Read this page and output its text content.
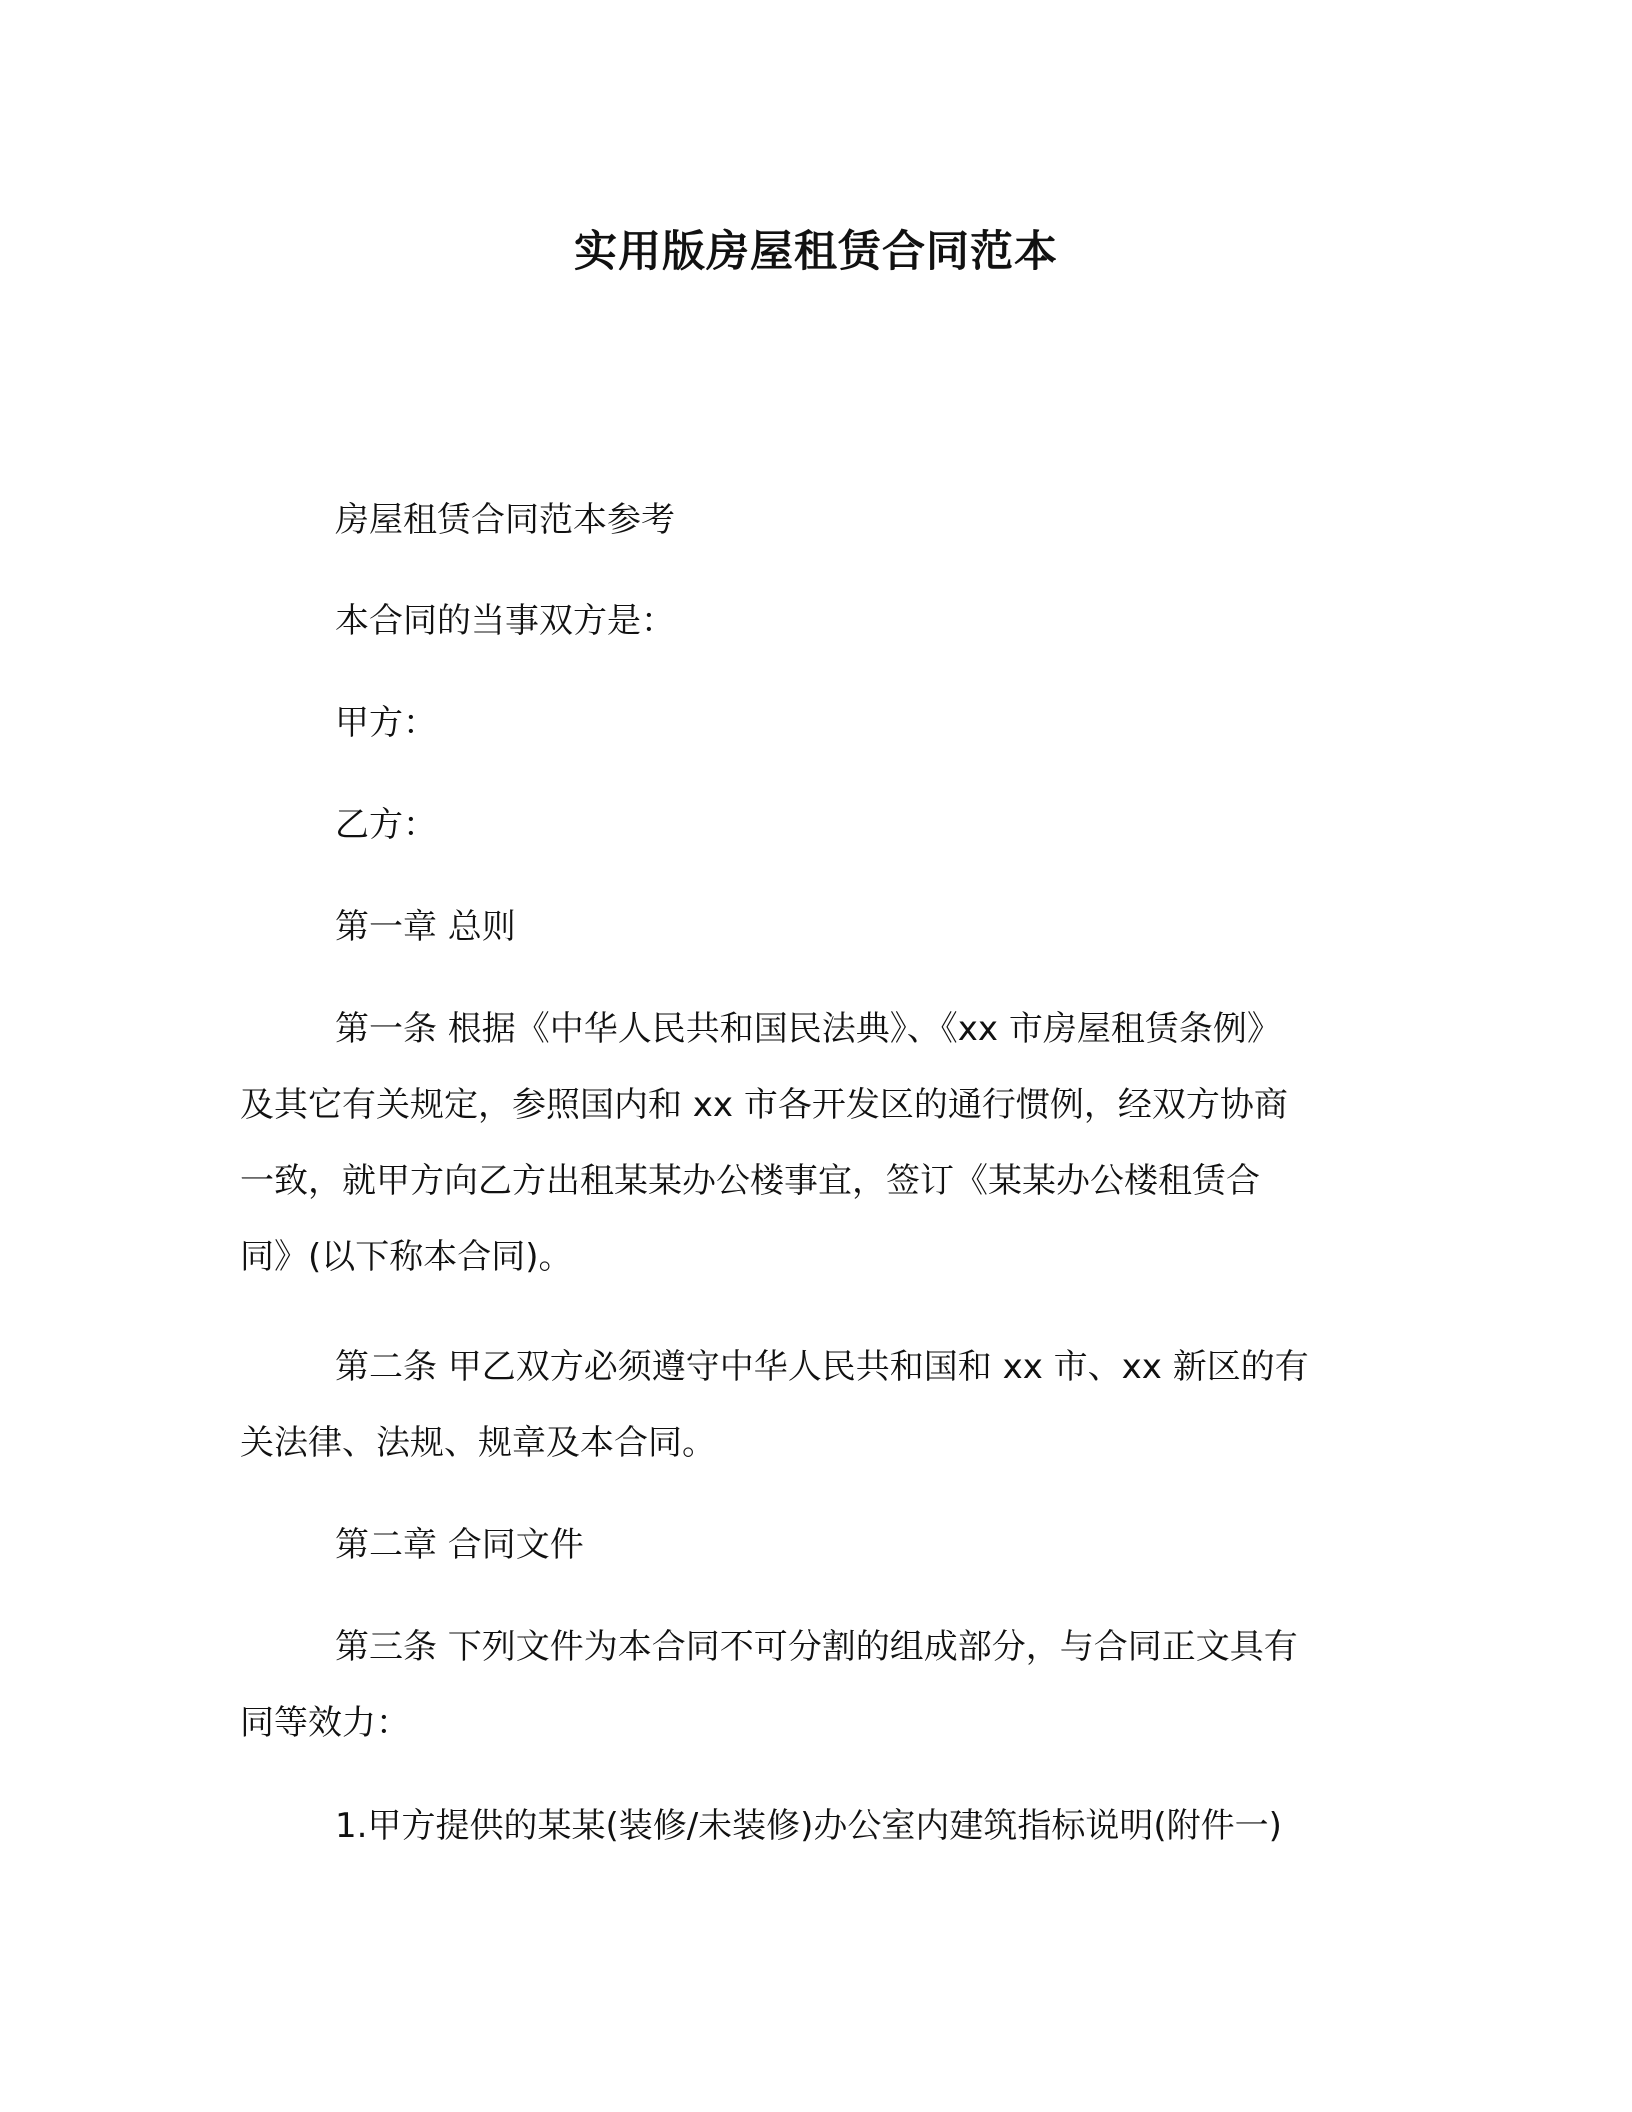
实用版房屋租赁合同范本
房屋租赁合同范本参考
本合同的当事双方是：
甲方：
乙方：
第一章 总则
第一条 根据《中华人民共和国民法典》、《xx 市房屋租赁条例》
及其它有关规定，参照国内和 xx 市各开发区的通行惯例，经双方协商
一致，就甲方向乙方出租某某办公楼事宜，签订《某某办公楼租赁合
同》(以下称本合同)。
第二条 甲乙双方必须遵守中华人民共和国和 xx 市、xx 新区的有
关法律、法规、规章及本合同。
第二章 合同文件
第三条 下列文件为本合同不可分割的组成部分，与合同正文具有
同等效力：
1.甲方提供的某某(装修/未装修)办公室内建筑指标说明(附件一)
